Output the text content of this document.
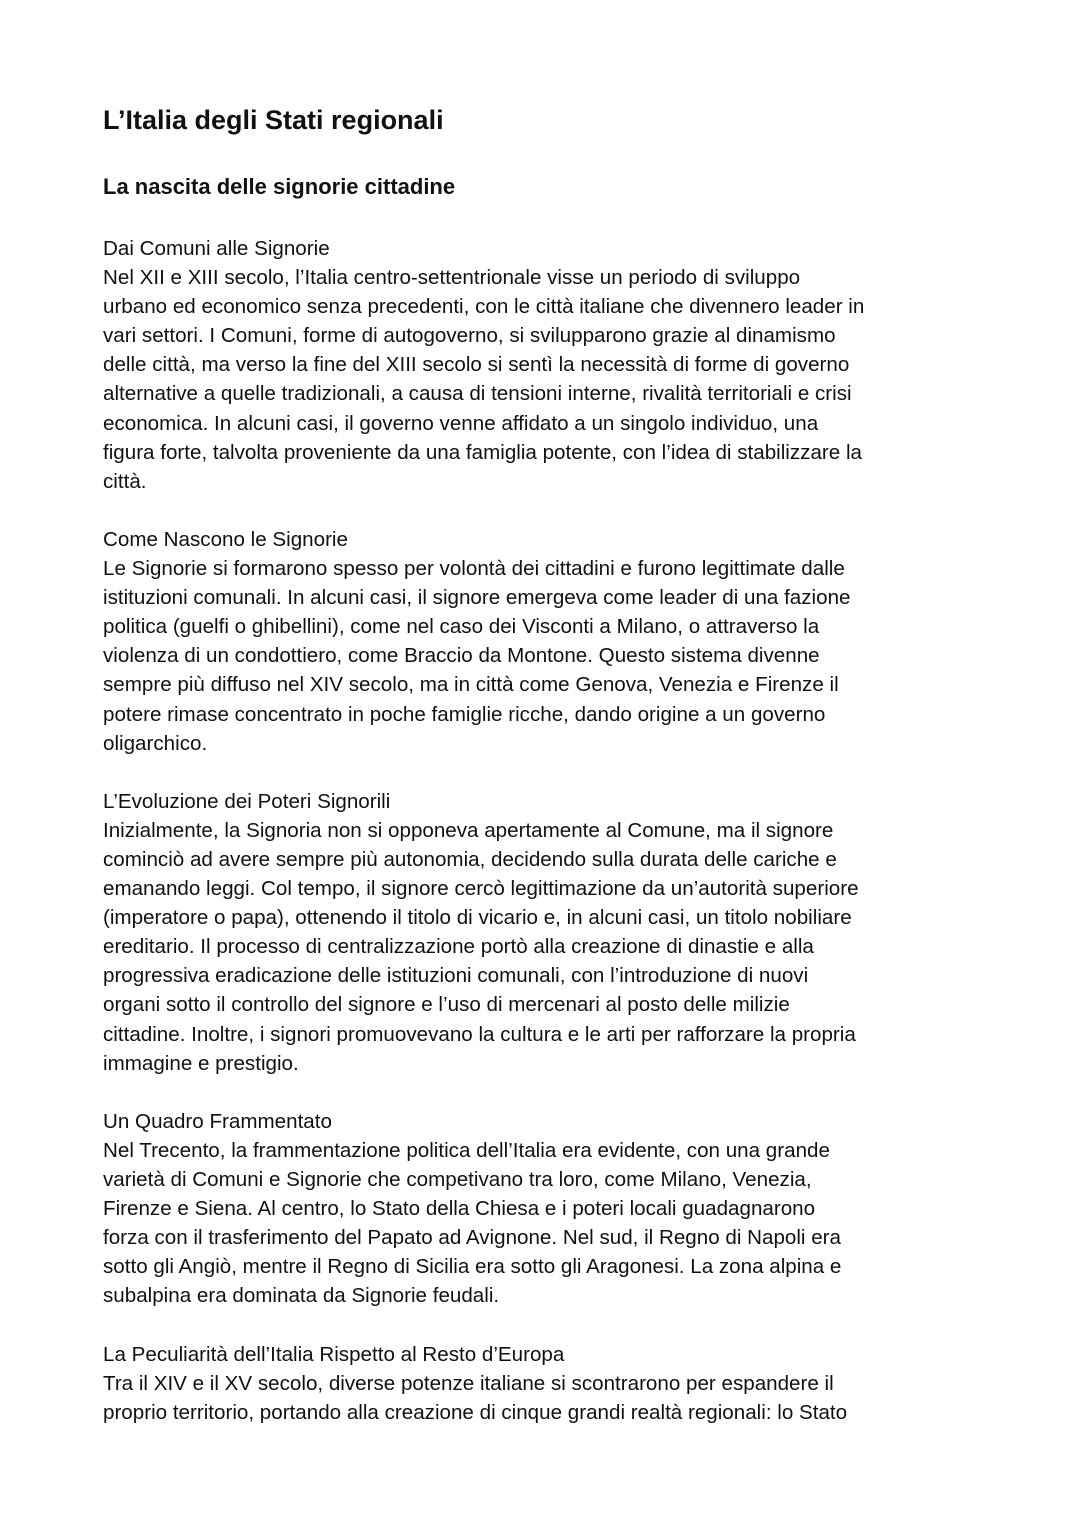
L’Italia degli Stati regionali
La nascita delle signorie cittadine
Dai Comuni alle Signorie
Nel XII e XIII secolo, l’Italia centro-settentrionale visse un periodo di sviluppo
urbano ed economico senza precedenti, con le città italiane che divennero leader in
vari settori. I Comuni, forme di autogoverno, si svilupparono grazie al dinamismo
delle città, ma verso la fine del XIII secolo si sentì la necessità di forme di governo
alternative a quelle tradizionali, a causa di tensioni interne, rivalità territoriali e crisi
economica. In alcuni casi, il governo venne affidato a un singolo individuo, una
figura forte, talvolta proveniente da una famiglia potente, con l’idea di stabilizzare la
città.
Come Nascono le Signorie
Le Signorie si formarono spesso per volontà dei cittadini e furono legittimate dalle
istituzioni comunali. In alcuni casi, il signore emergeva come leader di una fazione
politica (guelfi o ghibellini), come nel caso dei Visconti a Milano, o attraverso la
violenza di un condottiero, come Braccio da Montone. Questo sistema divenne
sempre più diffuso nel XIV secolo, ma in città come Genova, Venezia e Firenze il
potere rimase concentrato in poche famiglie ricche, dando origine a un governo
oligarchico.
L’Evoluzione dei Poteri Signorili
Inizialmente, la Signoria non si opponeva apertamente al Comune, ma il signore
cominciò ad avere sempre più autonomia, decidendo sulla durata delle cariche e
emanando leggi. Col tempo, il signore cercò legittimazione da un’autorità superiore
(imperatore o papa), ottenendo il titolo di vicario e, in alcuni casi, un titolo nobiliare
ereditario. Il processo di centralizzazione portò alla creazione di dinastie e alla
progressiva eradicazione delle istituzioni comunali, con l’introduzione di nuovi
organi sotto il controllo del signore e l’uso di mercenari al posto delle milizie
cittadine. Inoltre, i signori promuovevano la cultura e le arti per rafforzare la propria
immagine e prestigio.
Un Quadro Frammentato
Nel Trecento, la frammentazione politica dell’Italia era evidente, con una grande
varietà di Comuni e Signorie che competivano tra loro, come Milano, Venezia,
Firenze e Siena. Al centro, lo Stato della Chiesa e i poteri locali guadagnarono
forza con il trasferimento del Papato ad Avignone. Nel sud, il Regno di Napoli era
sotto gli Angiò, mentre il Regno di Sicilia era sotto gli Aragonesi. La zona alpina e
subalpina era dominata da Signorie feudali.
La Peculiarità dell’Italia Rispetto al Resto d’Europa
Tra il XIV e il XV secolo, diverse potenze italiane si scontrarono per espandere il
proprio territorio, portando alla creazione di cinque grandi realtà regionali: lo Stato
